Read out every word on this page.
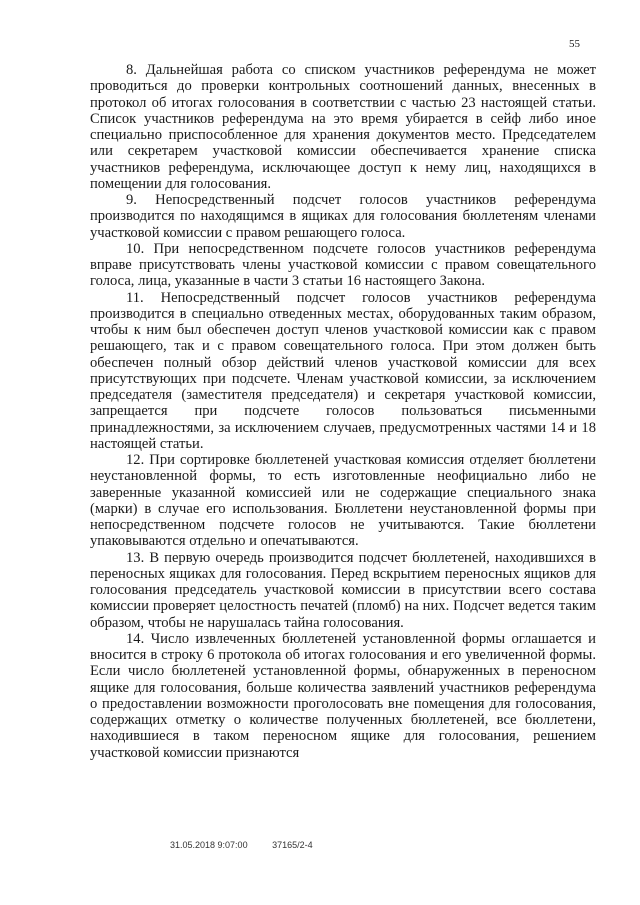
55

8. Дальнейшая работа со списком участников референдума не может проводиться до проверки контрольных соотношений данных, внесенных в протокол об итогах голосования в соответствии с частью 23 настоящей статьи. Список участников референдума на это время убирается в сейф либо иное специально приспособленное для хранения документов место. Председателем или секретарем участковой комиссии обеспечивается хранение списка участников референдума, исключающее доступ к нему лиц, находящихся в помещении для голосования.

9. Непосредственный подсчет голосов участников референдума производится по находящимся в ящиках для голосования бюллетеням членами участковой комиссии с правом решающего голоса.

10. При непосредственном подсчете голосов участников референдума вправе присутствовать члены участковой комиссии с правом совещательного голоса, лица, указанные в части 3 статьи 16 настоящего Закона.

11. Непосредственный подсчет голосов участников референдума производится в специально отведенных местах, оборудованных таким образом, чтобы к ним был обеспечен доступ членов участковой комиссии как с правом решающего, так и с правом совещательного голоса. При этом должен быть обеспечен полный обзор действий членов участковой комиссии для всех присутствующих при подсчете. Членам участковой комиссии, за исключением председателя (заместителя председателя) и секретаря участковой комиссии, запрещается при подсчете голосов пользоваться письменными принадлежностями, за исключением случаев, предусмотренных частями 14 и 18 настоящей статьи.

12. При сортировке бюллетеней участковая комиссия отделяет бюллетени неустановленной формы, то есть изготовленные неофициально либо не заверенные указанной комиссией или не содержащие специального знака (марки) в случае его использования. Бюллетени неустановленной формы при непосредственном подсчете голосов не учитываются. Такие бюллетени упаковываются отдельно и опечатываются.

13. В первую очередь производится подсчет бюллетеней, находившихся в переносных ящиках для голосования. Перед вскрытием переносных ящиков для голосования председатель участковой комиссии в присутствии всего состава комиссии проверяет целостность печатей (пломб) на них. Подсчет ведется таким образом, чтобы не нарушалась тайна голосования.

14. Число извлеченных бюллетеней установленной формы оглашается и вносится в строку 6 протокола об итогах голосования и его увеличенной формы. Если число бюллетеней установленной формы, обнаруженных в переносном ящике для голосования, больше количества заявлений участников референдума о предоставлении возможности проголосовать вне помещения для голосования, содержащих отметку о количестве полученных бюллетеней, все бюллетени, находившиеся в таком переносном ящике для голосования, решением участковой комиссии признаются

31.05.2018 9:07:00	37165/2-4
